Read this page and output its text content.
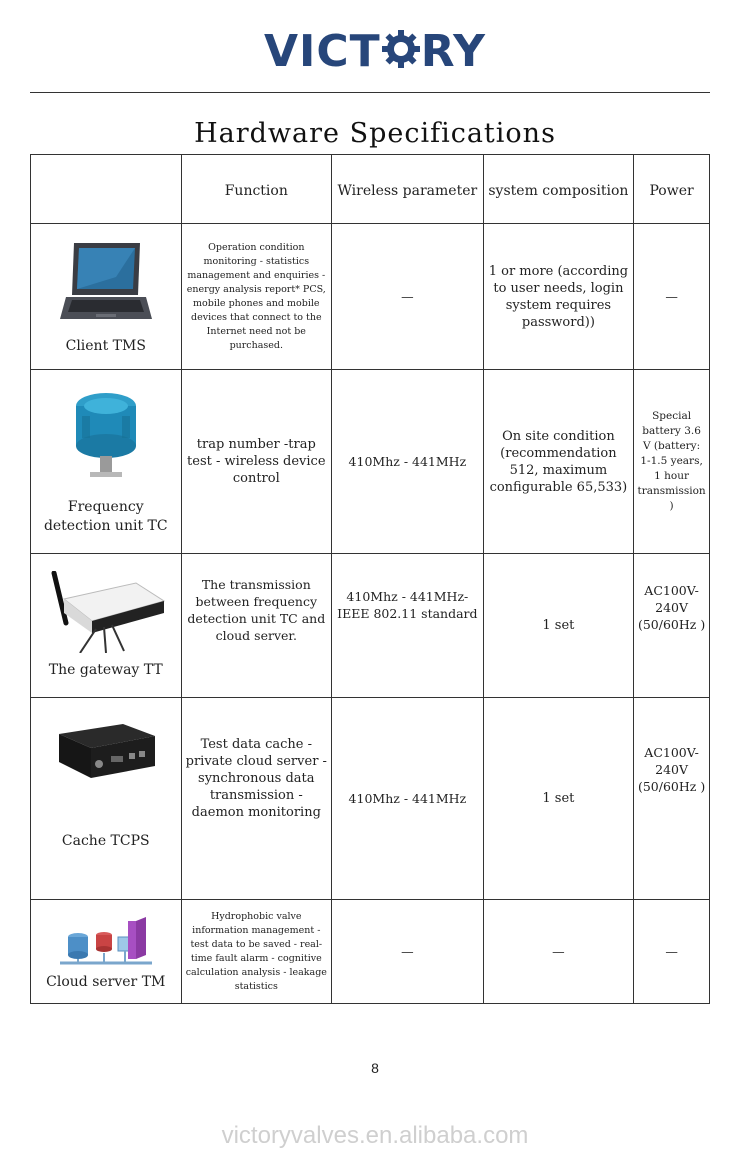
VICT RY
Hardware Specifications
	Function	Wireless parameter	system composition	Power

Client TMS	Operation condition monitoring - statistics management and enquiries - energy analysis report* PCS, mobile phones and mobile devices that connect to the Internet need not be purchased.	—	1 or more (according to user needs, login system requires password))	—

Frequency detection unit TC	trap number -trap test - wireless device control	410Mhz - 441MHz	On site condition (recommendation 512, maximum configurable 65,533)	Special battery 3.6 V (battery: 1-1.5 years, 1 hour transmission )

The gateway TT	The transmission between frequency detection unit TC and cloud server.	410Mhz - 441MHz-IEEE 802.11 standard	1 set	AC100V-240V (50/60Hz )

Cache TCPS	Test data cache - private cloud server - synchronous data transmission - daemon monitoring	410Mhz - 441MHz	1 set	AC100V-240V (50/60Hz )

Cloud server TM	Hydrophobic valve information management - test data to be saved - real-time fault alarm - cognitive calculation analysis - leakage statistics	—	—	—
8
victoryvalves.en.alibaba.com
